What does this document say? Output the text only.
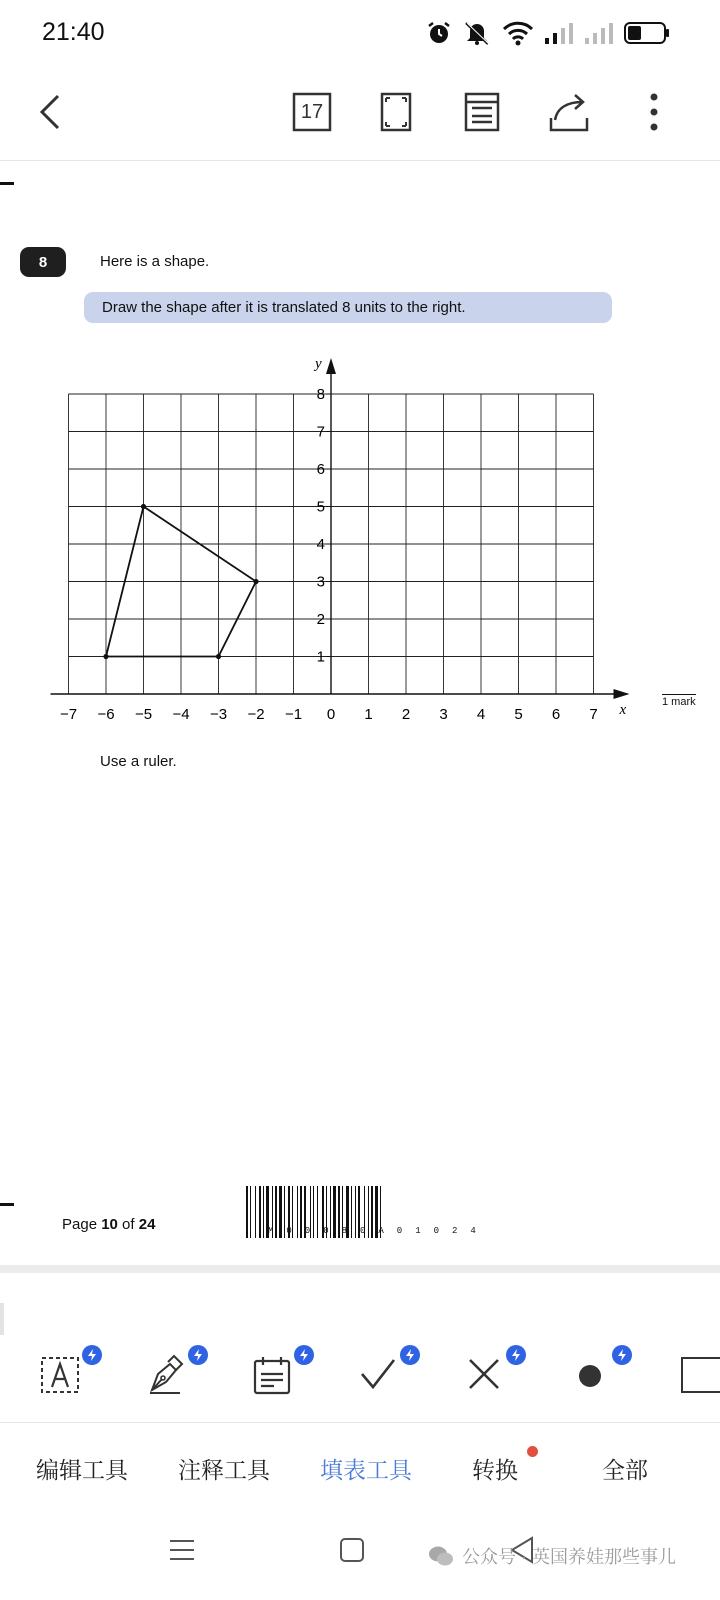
21:40
17
8	Here is a shape.
Draw the shape after it is translated 8 units to the right.
x
y
−7 −6 −5 −4 −3 −2 −1 0 1 2 3 4 5 6 7
1
2
3
4
5
6
7
8
1 mark
Use a ruler.
Page 10 of 24	M00080A01024
编辑工具 注释工具 填表工具	转换	全部
公众号 · 英国养娃那些事儿
